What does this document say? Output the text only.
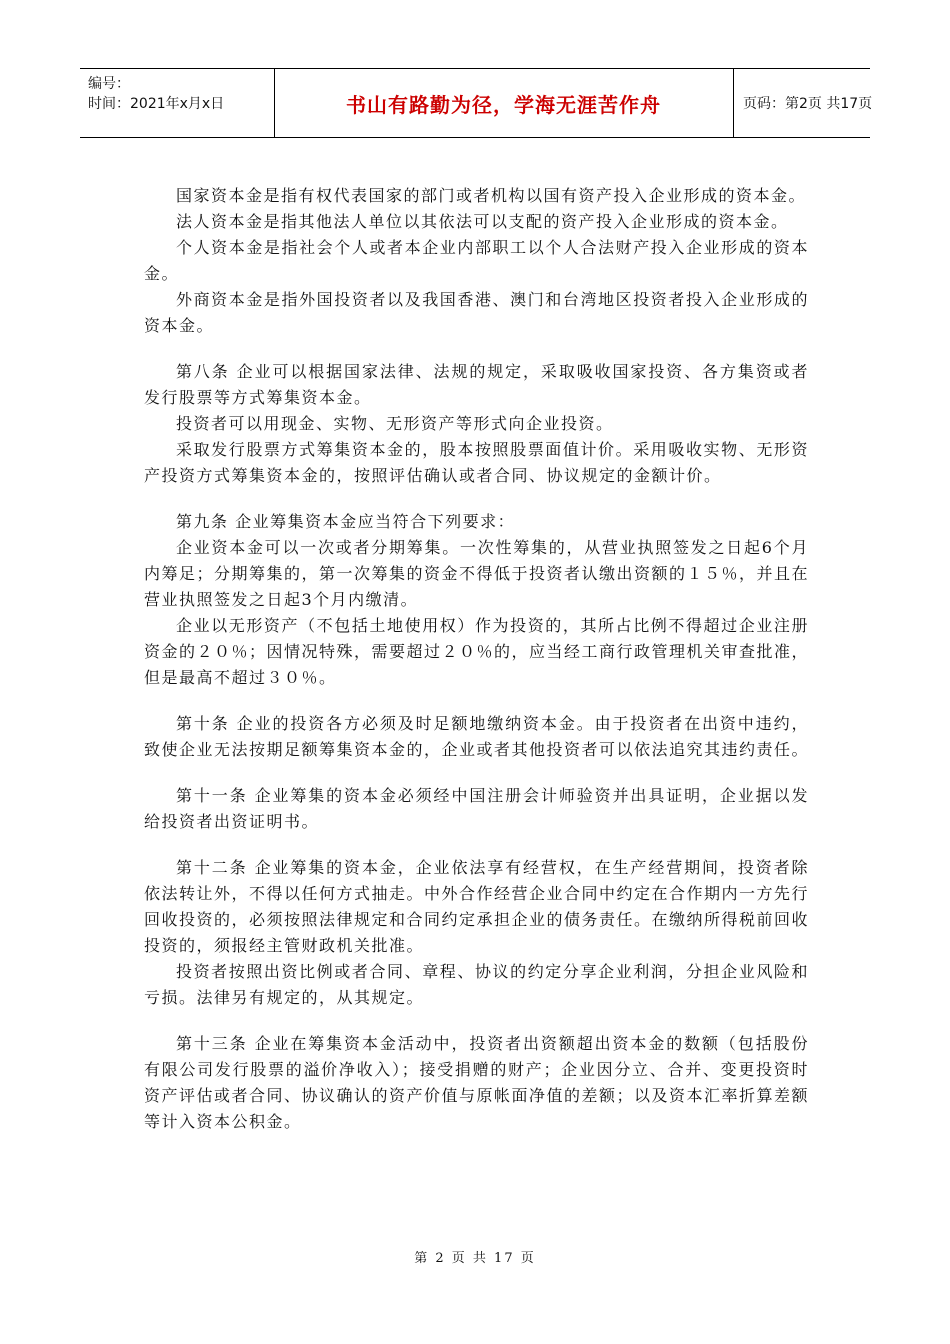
编号：
时间：2021年x月x日	书山有路勤为径，学海无涯苦作舟	页码：第2页 共17页

国家资本金是指有权代表国家的部门或者机构以国有资产投入企业形成的资本金。

法人资本金是指其他法人单位以其依法可以支配的资产投入企业形成的资本金。

个人资本金是指社会个人或者本企业内部职工以个人合法财产投入企业形成的资本金。

外商资本金是指外国投资者以及我国香港、澳门和台湾地区投资者投入企业形成的资本金。

第八条 企业可以根据国家法律、法规的规定，采取吸收国家投资、各方集资或者发行股票等方式筹集资本金。

投资者可以用现金、实物、无形资产等形式向企业投资。

采取发行股票方式筹集资本金的，股本按照股票面值计价。采用吸收实物、无形资产投资方式筹集资本金的，按照评估确认或者合同、协议规定的金额计价。

第九条 企业筹集资本金应当符合下列要求：

企业资本金可以一次或者分期筹集。一次性筹集的，从营业执照签发之日起6个月内筹足；分期筹集的，第一次筹集的资金不得低于投资者认缴出资额的１５％，并且在营业执照签发之日起3个月内缴清。

企业以无形资产（不包括土地使用权）作为投资的，其所占比例不得超过企业注册资金的２０％；因情况特殊，需要超过２０％的，应当经工商行政管理机关审查批准，但是最高不超过３０％。

第十条 企业的投资各方必须及时足额地缴纳资本金。由于投资者在出资中违约，致使企业无法按期足额筹集资本金的，企业或者其他投资者可以依法追究其违约责任。

第十一条 企业筹集的资本金必须经中国注册会计师验资并出具证明，企业据以发给投资者出资证明书。

第十二条 企业筹集的资本金，企业依法享有经营权，在生产经营期间，投资者除依法转让外，不得以任何方式抽走。中外合作经营企业合同中约定在合作期内一方先行回收投资的，必须按照法律规定和合同约定承担企业的债务责任。在缴纳所得税前回收投资的，须报经主管财政机关批准。

投资者按照出资比例或者合同、章程、协议的约定分享企业利润，分担企业风险和亏损。法律另有规定的，从其规定。

第十三条 企业在筹集资本金活动中，投资者出资额超出资本金的数额（包括股份有限公司发行股票的溢价净收入）；接受捐赠的财产；企业因分立、合并、变更投资时资产评估或者合同、协议确认的资产价值与原帐面净值的差额；以及资本汇率折算差额等计入资本公积金。

第 2 页 共 17 页
